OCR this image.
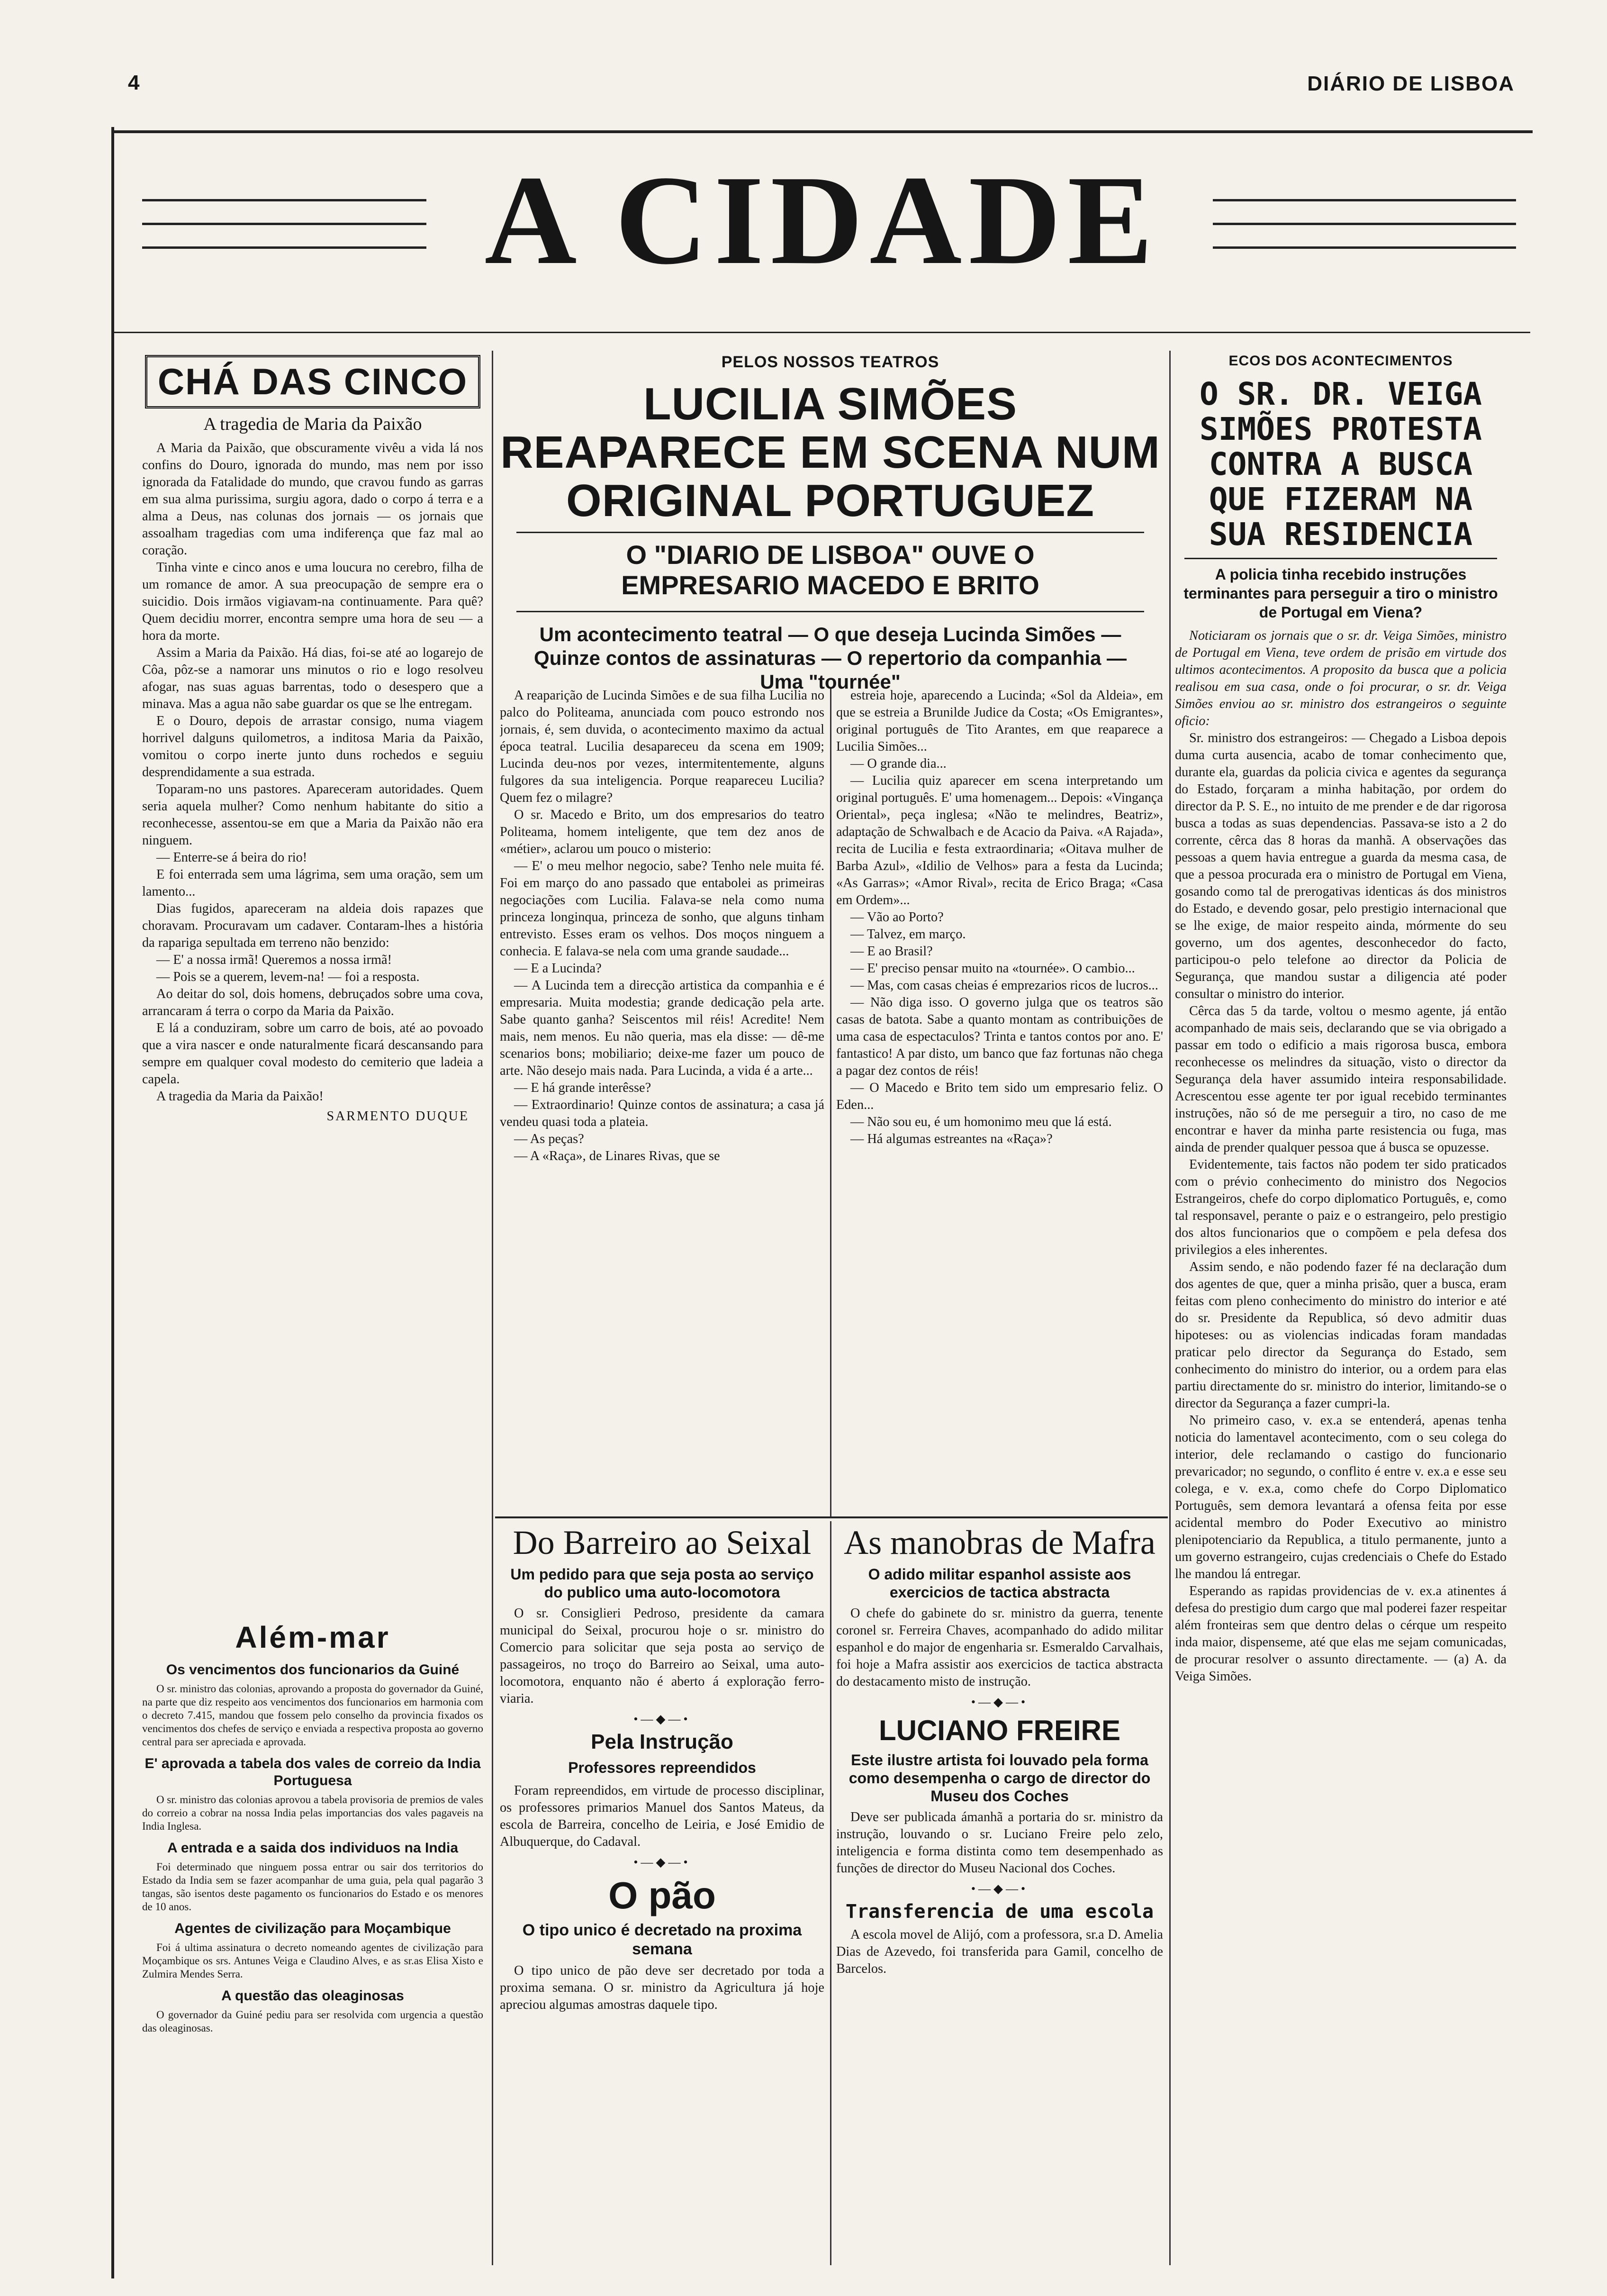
4	DIÁRIO DE LISBOA
A CIDADE
CHÁ DAS CINCO
A tragedia de Maria da Paixão

A Maria da Paixão, que obscuramente vivêu a vida lá nos confins do Douro, ignorada do mundo, mas nem por isso ignorada da Fatalidade do mundo, que cravou fundo as garras em sua alma purissima, surgiu agora, dado o corpo á terra e a alma a Deus, nas colunas dos jornais — os jornais que assoalham tragedias com uma indiferença que faz mal ao coração.

Tinha vinte e cinco anos e uma loucura no cerebro, filha de um romance de amor. A sua preocupação de sempre era o suicidio. Dois irmãos vigiavam-na continuamente. Para quê? Quem decidiu morrer, encontra sempre uma hora de seu — a hora da morte.

Assim a Maria da Paixão. Há dias, foi-se até ao logarejo de Côa, pôz-se a namorar uns minutos o rio e logo resolveu afogar, nas suas aguas barrentas, todo o desespero que a minava. Mas a agua não sabe guardar os que se lhe entregam.

E o Douro, depois de arrastar consigo, numa viagem horrivel dalguns quilometros, a inditosa Maria da Paixão, vomitou o corpo inerte junto duns rochedos e seguiu desprendidamente a sua estrada.

Toparam-no uns pastores. Apareceram autoridades. Quem seria aquela mulher? Como nenhum habitante do sitio a reconhecesse, assentou-se em que a Maria da Paixão não era ninguem.

— Enterre-se á beira do rio!

E foi enterrada sem uma lágrima, sem uma oração, sem um lamento...

Dias fugidos, apareceram na aldeia dois rapazes que choravam. Procuravam um cadaver. Contaram-lhes a história da rapariga sepultada em terreno não benzido:

— E' a nossa irmã! Queremos a nossa irmã!

— Pois se a querem, levem-na! — foi a resposta.

Ao deitar do sol, dois homens, debruçados sobre uma cova, arrancaram á terra o corpo da Maria da Paixão.

E lá a conduziram, sobre um carro de bois, até ao povoado que a vira nascer e onde naturalmente ficará descansando para sempre em qualquer coval modesto do cemiterio que ladeia a capela.

A tragedia da Maria da Paixão!

SARMENTO DUQUE
Além-mar
Os vencimentos dos funcionarios da Guiné

O sr. ministro das colonias, aprovando a proposta do governador da Guiné, na parte que diz respeito aos vencimentos dos funcionarios em harmonia com o decreto 7.415, mandou que fossem pelo conselho da provincia fixados os vencimentos dos chefes de serviço e enviada a respectiva proposta ao governo central para ser apreciada e aprovada.

E' aprovada a tabela dos vales de correio da India Portuguesa

O sr. ministro das colonias aprovou a tabela provisoria de premios de vales do correio a cobrar na nossa India pelas importancias dos vales pagaveis na India Inglesa.

A entrada e a saida dos individuos na India

Foi determinado que ninguem possa entrar ou sair dos territorios do Estado da India sem se fazer acompanhar de uma guia, pela qual pagarão 3 tangas, são isentos deste pagamento os funcionarios do Estado e os menores de 10 anos.

Agentes de civilização para Moçambique

Foi á ultima assinatura o decreto nomeando agentes de civilização para Moçambique os srs. Antunes Veiga e Claudino Alves, e as sr.as Elisa Xisto e Zulmira Mendes Serra.

A questão das oleaginosas

O governador da Guiné pediu para ser resolvida com urgencia a questão das oleaginosas.

PELOS NOSSOS TEATROS
LUCILIA SIMÕES REAPARECE EM SCENA NUM ORIGINAL PORTUGUEZ
O "DIARIO DE LISBOA" OUVE O EMPRESARIO MACEDO E BRITO
Um acontecimento teatral — O que deseja Lucinda Simões — Quinze contos de assinaturas — O repertorio da companhia — Uma "tournée"

A reaparição de Lucinda Simões e de sua filha Lucilia no palco do Politeama, anunciada com pouco estrondo nos jornais, é, sem duvida, o acontecimento maximo da actual época teatral. Lucilia desapareceu da scena em 1909; Lucinda deu-nos por vezes, intermitentemente, alguns fulgores da sua inteligencia. Porque reapareceu Lucilia? Quem fez o milagre?

O sr. Macedo e Brito, um dos empresarios do teatro Politeama, homem inteligente, que tem dez anos de «métier», aclarou um pouco o misterio:

— E' o meu melhor negocio, sabe? Tenho nele muita fé. Foi em março do ano passado que entabolei as primeiras negociações com Lucilia. Falava-se nela como numa princeza longinqua, princeza de sonho, que alguns tinham entrevisto. Esses eram os velhos. Dos moços ninguem a conhecia. E falava-se nela com uma grande saudade...

— E a Lucinda?

— A Lucinda tem a direcção artistica da companhia e é empresaria. Muita modestia; grande dedicação pela arte. Sabe quanto ganha? Seiscentos mil réis! Acredite! Nem mais, nem menos. Eu não queria, mas ela disse: — dê-me scenarios bons; mobiliario; deixe-me fazer um pouco de arte. Não desejo mais nada. Para Lucinda, a vida é a arte...

— E há grande interêsse?

— Extraordinario! Quinze contos de assinatura; a casa já vendeu quasi toda a plateia.

— As peças?

— A «Raça», de Linares Rivas, que se

estreia hoje, aparecendo a Lucinda; «Sol da Aldeia», em que se estreia a Brunilde Judice da Costa; «Os Emigrantes», original português de Tito Arantes, em que reaparece a Lucilia Simões...

— O grande dia...

— Lucilia quiz aparecer em scena interpretando um original português. E' uma homenagem... Depois: «Vingança Oriental», peça inglesa; «Não te melindres, Beatriz», adaptação de Schwalbach e de Acacio da Paiva. «A Rajada», recita de Lucilia e festa extraordinaria; «Oitava mulher de Barba Azul», «Idilio de Velhos» para a festa da Lucinda; «As Garras»; «Amor Rival», recita de Erico Braga; «Casa em Ordem»...

— Vão ao Porto?

— Talvez, em março.

— E ao Brasil?

— E' preciso pensar muito na «tournée». O cambio...

— Mas, com casas cheias é emprezarios ricos de lucros...

— Não diga isso. O governo julga que os teatros são casas de batota. Sabe a quanto montam as contribuições de uma casa de espectaculos? Trinta e tantos contos por ano. E' fantastico! A par disto, um banco que faz fortunas não chega a pagar dez contos de réis!

— O Macedo e Brito tem sido um empresario feliz. O Eden...

— Não sou eu, é um homonimo meu que lá está.

— Há algumas estreantes na «Raça»?

Do Barreiro ao Seixal
Um pedido para que seja posta ao serviço do publico uma auto-locomotora

O sr. Consiglieri Pedroso, presidente da camara municipal do Seixal, procurou hoje o sr. ministro do Comercio para solicitar que seja posta ao serviço de passageiros, no troço do Barreiro ao Seixal, uma auto-locomotora, enquanto não é aberto á exploração ferro-viaria.

•—◆—•
Pela Instrução
Professores repreendidos

Foram repreendidos, em virtude de processo disciplinar, os professores primarios Manuel dos Santos Mateus, da escola de Barreira, concelho de Leiria, e José Emidio de Albuquerque, do Cadaval.

•—◆—•
O pão
O tipo unico é decretado na proxima semana

O tipo unico de pão deve ser decretado por toda a proxima semana. O sr. ministro da Agricultura já hoje apreciou algumas amostras daquele tipo.

As manobras de Mafra
O adido militar espanhol assiste aos exercicios de tactica abstracta

O chefe do gabinete do sr. ministro da guerra, tenente coronel sr. Ferreira Chaves, acompanhado do adido militar espanhol e do major de engenharia sr. Esmeraldo Carvalhais, foi hoje a Mafra assistir aos exercicios de tactica abstracta do destacamento misto de instrução.

•—◆—•
LUCIANO FREIRE
Este ilustre artista foi louvado pela forma como desempenha o cargo de director do Museu dos Coches

Deve ser publicada ámanhã a portaria do sr. ministro da instrução, louvando o sr. Luciano Freire pelo zelo, inteligencia e forma distinta como tem desempenhado as funções de director do Museu Nacional dos Coches.

•—◆—•
Transferencia de uma escola

A escola movel de Alijó, com a professora, sr.a D. Amelia Dias de Azevedo, foi transferida para Gamil, concelho de Barcelos.

ECOS DOS ACONTECIMENTOS
O SR. DR. VEIGA SIMÕES PROTESTA CONTRA A BUSCA QUE FIZERAM NA SUA RESIDENCIA
A policia tinha recebido instruções terminantes para perseguir a tiro o ministro de Portugal em Viena?

Noticiaram os jornais que o sr. dr. Veiga Simões, ministro de Portugal em Viena, teve ordem de prisão em virtude dos ultimos acontecimentos. A proposito da busca que a policia realisou em sua casa, onde o foi procurar, o sr. dr. Veiga Simões enviou ao sr. ministro dos estrangeiros o seguinte oficio:

Sr. ministro dos estrangeiros: — Chegado a Lisboa depois duma curta ausencia, acabo de tomar conhecimento que, durante ela, guardas da policia civica e agentes da segurança do Estado, forçaram a minha habitação, por ordem do director da P. S. E., no intuito de me prender e de dar rigorosa busca a todas as suas dependencias. Passava-se isto a 2 do corrente, cêrca das 8 horas da manhã. A observações das pessoas a quem havia entregue a guarda da mesma casa, de que a pessoa procurada era o ministro de Portugal em Viena, gosando como tal de prerogativas identicas ás dos ministros do Estado, e devendo gosar, pelo prestigio internacional que se lhe exige, de maior respeito ainda, mórmente do seu governo, um dos agentes, desconhecedor do facto, participou-o pelo telefone ao director da Policia de Segurança, que mandou sustar a diligencia até poder consultar o ministro do interior.

Cêrca das 5 da tarde, voltou o mesmo agente, já então acompanhado de mais seis, declarando que se via obrigado a passar em todo o edificio a mais rigorosa busca, embora reconhecesse os melindres da situação, visto o director da Segurança dela haver assumido inteira responsabilidade. Acrescentou esse agente ter por igual recebido terminantes instruções, não só de me perseguir a tiro, no caso de me encontrar e haver da minha parte resistencia ou fuga, mas ainda de prender qualquer pessoa que á busca se opuzesse.

Evidentemente, tais factos não podem ter sido praticados com o prévio conhecimento do ministro dos Negocios Estrangeiros, chefe do corpo diplomatico Português, e, como tal responsavel, perante o paiz e o estrangeiro, pelo prestigio dos altos funcionarios que o compõem e pela defesa dos privilegios a eles inherentes.

Assim sendo, e não podendo fazer fé na declaração dum dos agentes de que, quer a minha prisão, quer a busca, eram feitas com pleno conhecimento do ministro do interior e até do sr. Presidente da Republica, só devo admitir duas hipoteses: ou as violencias indicadas foram mandadas praticar pelo director da Segurança do Estado, sem conhecimento do ministro do interior, ou a ordem para elas partiu directamente do sr. ministro do interior, limitando-se o director da Segurança a fazer cumpri-la.

No primeiro caso, v. ex.a se entenderá, apenas tenha noticia do lamentavel acontecimento, com o seu colega do interior, dele reclamando o castigo do funcionario prevaricador; no segundo, o conflito é entre v. ex.a e esse seu colega, e v. ex.a, como chefe do Corpo Diplomatico Português, sem demora levantará a ofensa feita por esse acidental membro do Poder Executivo ao ministro plenipotenciario da Republica, a titulo permanente, junto a um governo estrangeiro, cujas credenciais o Chefe do Estado lhe mandou lá entregar.

Esperando as rapidas providencias de v. ex.a atinentes á defesa do prestigio dum cargo que mal poderei fazer respeitar além fronteiras sem que dentro delas o cérque um respeito inda maior, dispenseme, até que elas me sejam comunicadas, de procurar resolver o assunto directamente. — (a) A. da Veiga Simões.
